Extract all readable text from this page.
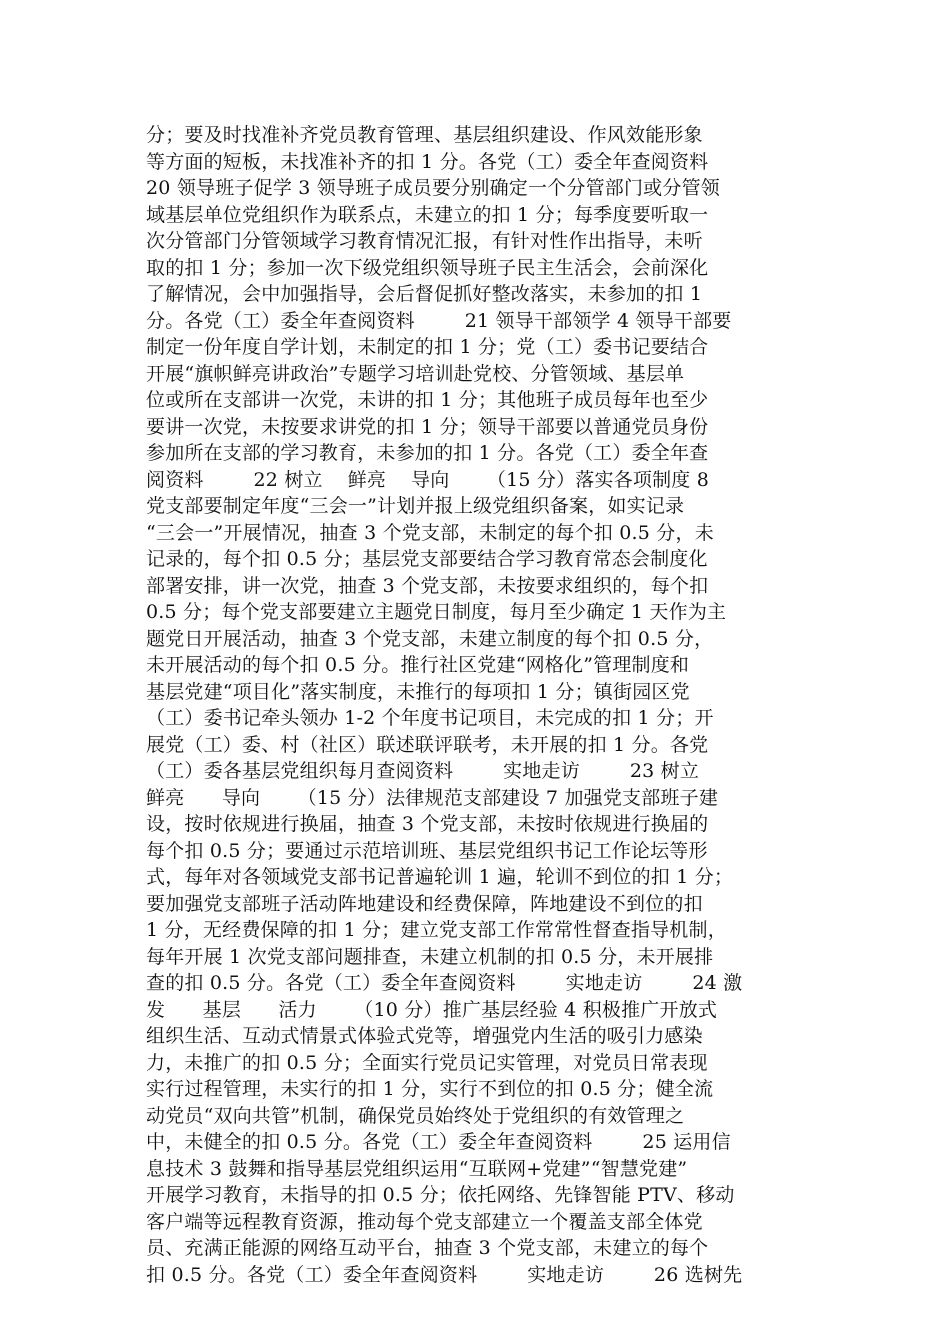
分；要及时找准补齐党员教育管理、基层组织建设、作风效能形象
等方面的短板，未找准补齐的扣 1 分。各党（工）委全年查阅资料
20 领导班子促学 3 领导班子成员要分别确定一个分管部门或分管领
域基层单位党组织作为联系点，未建立的扣 1 分；每季度要听取一
次分管部门分管领域学习教育情况汇报，有针对性作出指导，未听
取的扣 1 分；参加一次下级党组织领导班子民主生活会，会前深化
了解情况，会中加强指导，会后督促抓好整改落实，未参加的扣 1
分。各党（工）委全年查阅资料        21 领导干部领学 4 领导干部要
制定一份年度自学计划，未制定的扣 1 分；党（工）委书记要结合
开展“旗帜鲜亮讲政治”专题学习培训赴党校、分管领域、基层单
位或所在支部讲一次党，未讲的扣 1 分；其他班子成员每年也至少
要讲一次党，未按要求讲党的扣 1 分；领导干部要以普通党员身份
参加所在支部的学习教育，未参加的扣 1 分。各党（工）委全年查
阅资料        22 树立    鲜亮    导向      （15 分）落实各项制度 8
党支部要制定年度“三会一”计划并报上级党组织备案，如实记录
“三会一”开展情况，抽查 3 个党支部，未制定的每个扣 0.5 分，未
记录的，每个扣 0.5 分；基层党支部要结合学习教育常态会制度化
部署安排，讲一次党，抽查 3 个党支部，未按要求组织的，每个扣
0.5 分；每个党支部要建立主题党日制度，每月至少确定 1 天作为主
题党日开展活动，抽查 3 个党支部，未建立制度的每个扣 0.5 分，
未开展活动的每个扣 0.5 分。推行社区党建“网格化”管理制度和
基层党建“项目化”落实制度，未推行的每项扣 1 分；镇街园区党
（工）委书记牵头领办 1-2 个年度书记项目，未完成的扣 1 分；开
展党（工）委、村（社区）联述联评联考，未开展的扣 1 分。各党
（工）委各基层党组织每月查阅资料        实地走访        23 树立
鲜亮      导向      （15 分）法律规范支部建设 7 加强党支部班子建
设，按时依规进行换届，抽查 3 个党支部，未按时依规进行换届的
每个扣 0.5 分；要通过示范培训班、基层党组织书记工作论坛等形
式，每年对各领域党支部书记普遍轮训 1 遍，轮训不到位的扣 1 分；
要加强党支部班子活动阵地建设和经费保障，阵地建设不到位的扣
1 分，无经费保障的扣 1 分；建立党支部工作常常性督查指导机制，
每年开展 1 次党支部问题排查，未建立机制的扣 0.5 分，未开展排
查的扣 0.5 分。各党（工）委全年查阅资料        实地走访        24 激
发      基层      活力      （10 分）推广基层经验 4 积极推广开放式
组织生活、互动式情景式体验式党等，增强党内生活的吸引力感染
力，未推广的扣 0.5 分；全面实行党员记实管理，对党员日常表现
实行过程管理，未实行的扣 1 分，实行不到位的扣 0.5 分；健全流
动党员“双向共管”机制，确保党员始终处于党组织的有效管理之
中，未健全的扣 0.5 分。各党（工）委全年查阅资料        25 运用信
息技术 3 鼓舞和指导基层党组织运用“互联网+党建”“智慧党建”
开展学习教育，未指导的扣 0.5 分；依托网络、先锋智能 PTV、移动
客户端等远程教育资源，推动每个党支部建立一个覆盖支部全体党
员、充满正能源的网络互动平台，抽查 3 个党支部，未建立的每个
扣 0.5 分。各党（工）委全年查阅资料        实地走访        26 选树先
